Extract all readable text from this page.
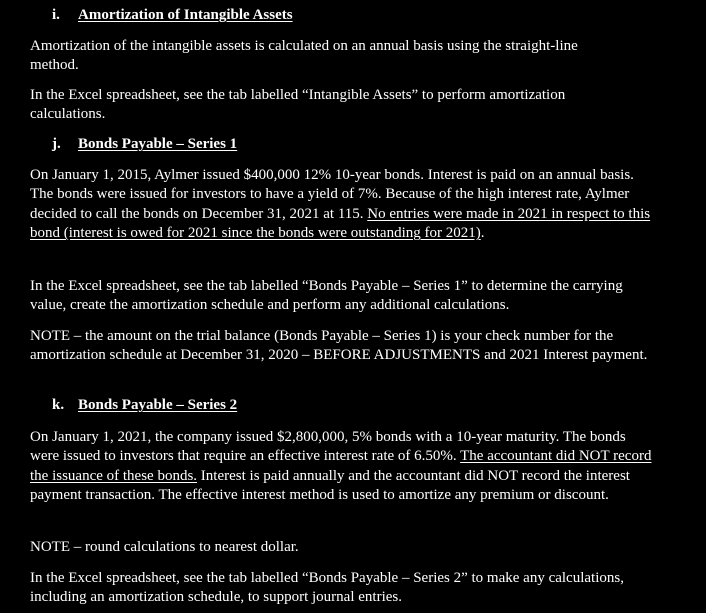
i.	Amortization of Intangible Assets

Amortization of the intangible assets is calculated on an annual basis using the straight-line method.

In the Excel spreadsheet, see the tab labelled “Intangible Assets” to perform amortization calculations.

j.	Bonds Payable – Series 1

On January 1, 2015, Aylmer issued $400,000 12% 10-year bonds. Interest is paid on an annual basis. The bonds were issued for investors to have a yield of 7%. Because of the high interest rate, Aylmer decided to call the bonds on December 31, 2021 at 115. No entries were made in 2021 in respect to this bond (interest is owed for 2021 since the bonds were outstanding for 2021).

In the Excel spreadsheet, see the tab labelled “Bonds Payable – Series 1” to determine the carrying value, create the amortization schedule and perform any additional calculations.

NOTE – the amount on the trial balance (Bonds Payable – Series 1) is your check number for the amortization schedule at December 31, 2020 – BEFORE ADJUSTMENTS and 2021 Interest payment.

k. Bonds Payable – Series 2

On January 1, 2021, the company issued $2,800,000, 5% bonds with a 10-year maturity. The bonds were issued to investors that require an effective interest rate of 6.50%. The accountant did NOT record the issuance of these bonds. Interest is paid annually and the accountant did NOT record the interest payment transaction. The effective interest method is used to amortize any premium or discount.

NOTE – round calculations to nearest dollar.

In the Excel spreadsheet, see the tab labelled “Bonds Payable – Series 2” to make any calculations, including an amortization schedule, to support journal entries.
